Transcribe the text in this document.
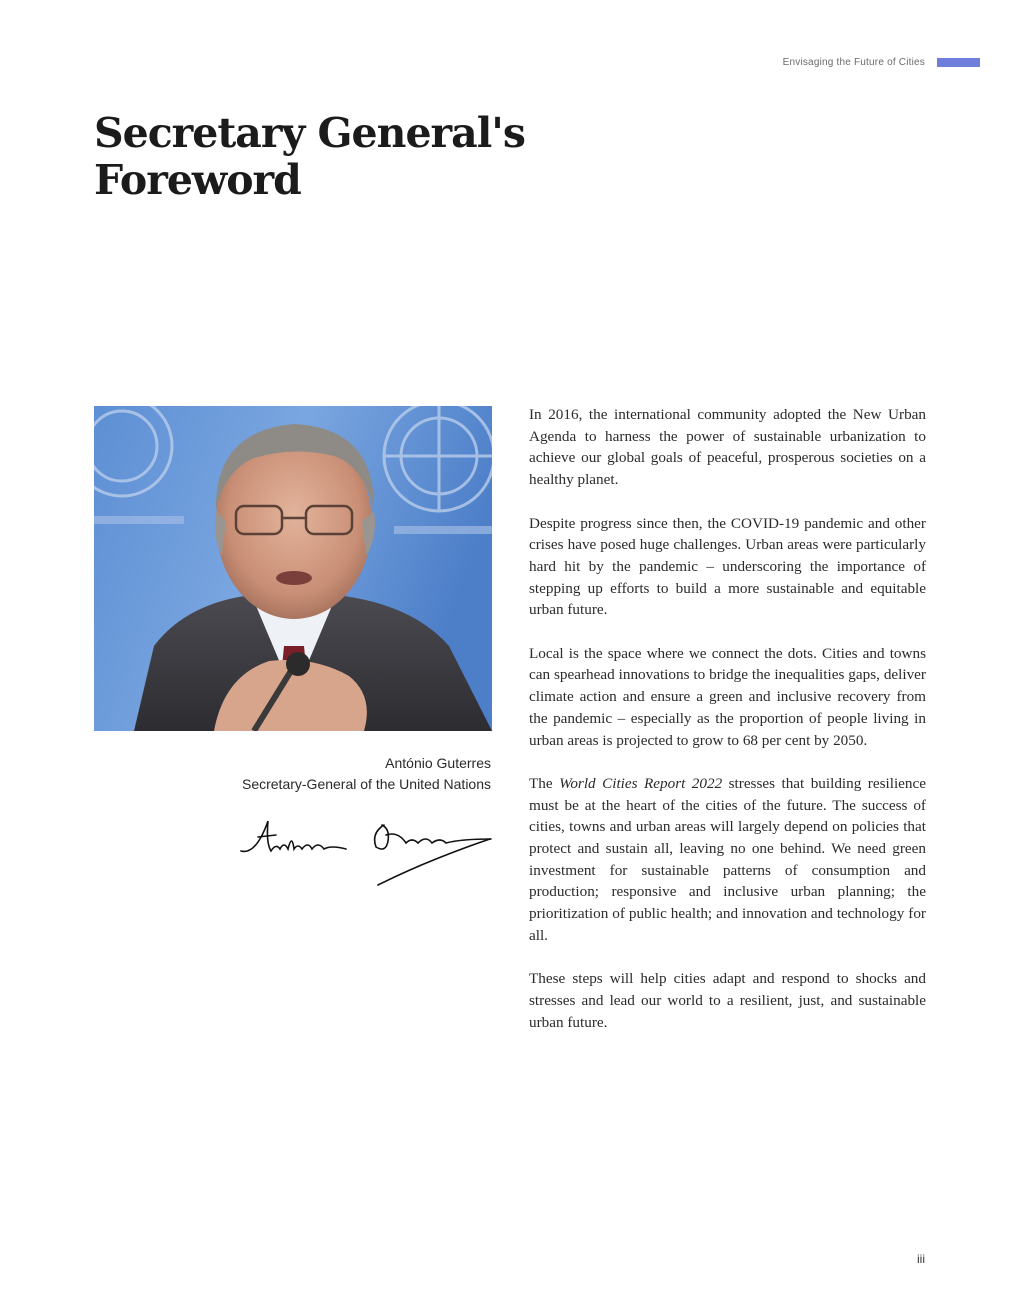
Envisaging the Future of Cities
Secretary General's
Foreword
António Guterres
Secretary-General of the United Nations

In 2016, the international community adopted the New Urban Agenda to harness the power of sustainable urbanization to achieve our global goals of peaceful, prosperous societies on a healthy planet.

Despite progress since then, the COVID-19 pandemic and other crises have posed huge challenges. Urban areas were particularly hard hit by the pandemic – underscoring the importance of stepping up efforts to build a more sustainable and equitable urban future.

Local is the space where we connect the dots. Cities and towns can spearhead innovations to bridge the inequalities gaps, deliver climate action and ensure a green and inclusive recovery from the pandemic – especially as the proportion of people living in urban areas is projected to grow to 68 per cent by 2050.

The World Cities Report 2022 stresses that building resilience must be at the heart of the cities of the future. The success of cities, towns and urban areas will largely depend on policies that protect and sustain all, leaving no one behind. We need green investment for sustainable patterns of consumption and production; responsive and inclusive urban planning; the prioritization of public health; and innovation and technology for all.

These steps will help cities adapt and respond to shocks and stresses and lead our world to a resilient, just, and sustainable urban future.

iii
